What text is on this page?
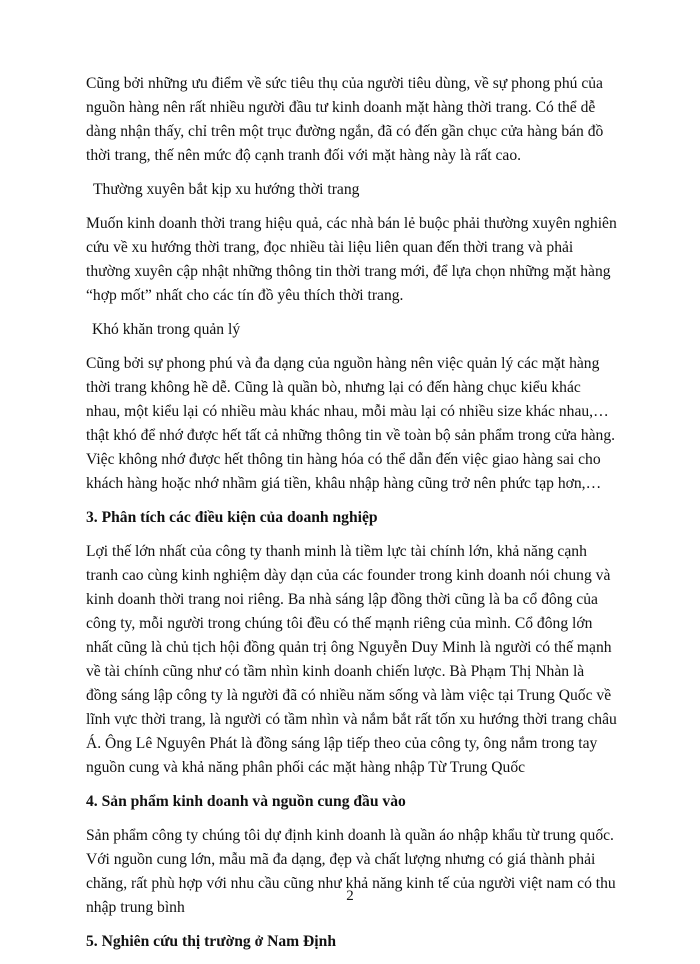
Cũng bởi những ưu điểm về sức tiêu thụ của người tiêu dùng, về sự phong phú của nguồn hàng nên rất nhiều người đầu tư kinh doanh mặt hàng thời trang. Có thể dễ dàng nhận thấy, chỉ trên một trục đường ngắn, đã có đến gần chục cửa hàng bán đồ thời trang, thế nên mức độ cạnh tranh đối với mặt hàng này là rất cao.

Thường xuyên bắt kịp xu hướng thời trang

Muốn kinh doanh thời trang hiệu quả, các nhà bán lẻ buộc phải thường xuyên nghiên cứu về xu hướng thời trang, đọc nhiều tài liệu liên quan đến thời trang và phải thường xuyên cập nhật những thông tin thời trang mới, để lựa chọn những mặt hàng “hợp mốt” nhất cho các tín đồ yêu thích thời trang.

Khó khăn trong quản lý

Cũng bởi sự phong phú và đa dạng của nguồn hàng nên việc quản lý các mặt hàng thời trang không hề dễ. Cũng là quần bò, nhưng lại có đến hàng chục kiểu khác nhau, một kiểu lại có nhiều màu khác nhau, mỗi màu lại có nhiều size khác nhau,… thật khó để nhớ được hết tất cả những thông tin về toàn bộ sản phẩm trong cửa hàng. Việc không nhớ được hết thông tin hàng hóa có thể dẫn đến việc giao hàng sai cho khách hàng hoặc nhớ nhầm giá tiền, khâu nhập hàng cũng trở nên phức tạp hơn,…

3. Phân tích các điều kiện của doanh nghiệp

Lợi thế lớn nhất của công ty thanh minh là tiềm lực tài chính lớn, khả năng cạnh tranh cao cùng kinh nghiệm dày dạn của các founder trong kinh doanh nói chung và kinh doanh thời trang noi riêng. Ba nhà sáng lập đồng thời cũng là ba cổ đông của công ty, mỗi người trong chúng tôi đều có thế mạnh riêng của mình. Cổ đông lớn nhất cũng là chủ tịch hội đồng quản trị ông Nguyễn Duy Minh là người có thế mạnh về tài chính cũng như có tầm nhìn kinh doanh chiến lược. Bà Phạm Thị Nhàn là đồng sáng lập công ty là người đã có nhiều năm sống và làm việc tại Trung Quốc về lĩnh vực thời trang, là người có tầm nhìn và nắm bắt rất tốn xu hướng thời trang châu Á. Ông Lê Nguyên Phát là đồng sáng lập tiếp theo của công ty, ông nắm trong tay nguồn cung và khả năng phân phối các mặt hàng nhập Từ Trung Quốc

4. Sản phẩm kinh doanh và nguồn cung đầu vào

Sản phẩm công ty chúng tôi dự định kinh doanh là quần áo nhập khẩu từ trung quốc. Với nguồn cung lớn, mẫu mã đa dạng, đẹp và chất lượng nhưng có giá thành phải chăng, rất phù hợp với nhu cầu cũng như khả năng kinh tế của người việt nam có thu nhập trung bình

5. Nghiên cứu thị trường ở Nam Định

2
